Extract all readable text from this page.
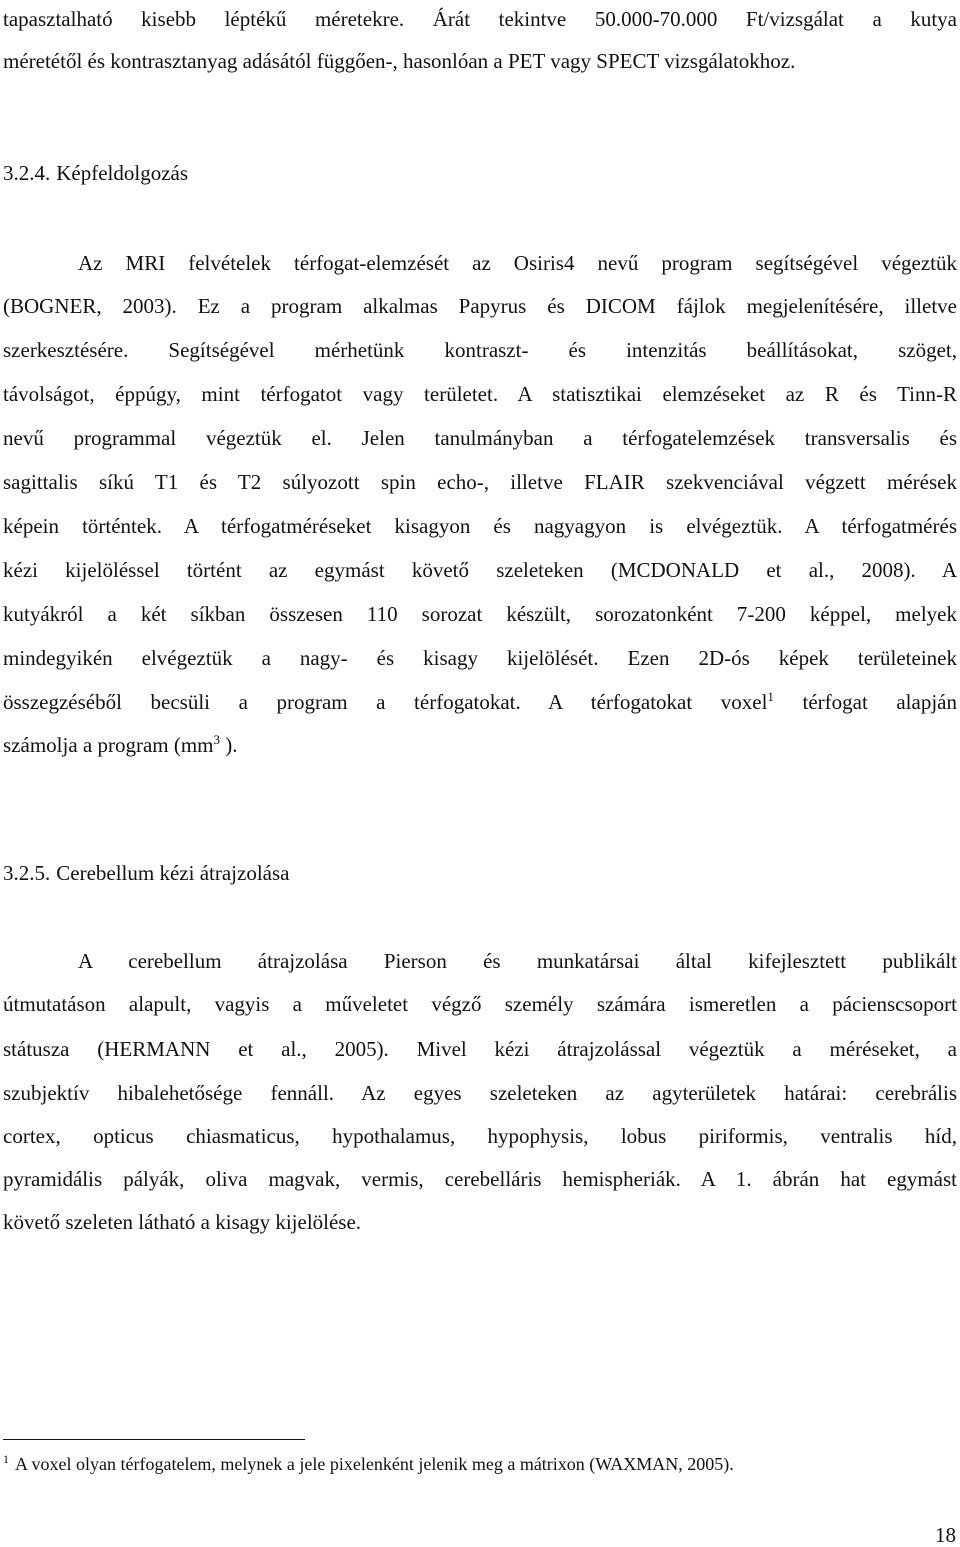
tapasztalható kisebb léptékű méretekre. Árát tekintve 50.000-70.000 Ft/vizsgálat a kutya
méretétől és kontrasztanyag adásától függően-, hasonlóan a PET vagy SPECT vizsgálatokhoz.
3.2.4. Képfeldolgozás
Az MRI felvételek térfogat-elemzését az Osiris4 nevű program segítségével végeztük
(BOGNER, 2003). Ez a program alkalmas Papyrus és DICOM fájlok megjelenítésére, illetve
szerkesztésére. Segítségével mérhetünk kontraszt- és intenzitás beállításokat, szöget,
távolságot, éppúgy, mint térfogatot vagy területet. A statisztikai elemzéseket az R és Tinn-R
nevű programmal végeztük el. Jelen tanulmányban a térfogatelemzések transversalis és
sagittalis síkú T1 és T2 súlyozott spin echo-, illetve FLAIR szekvenciával végzett mérések
képein történtek. A térfogatméréseket kisagyon és nagyagyon is elvégeztük. A térfogatmérés
kézi kijelöléssel történt az egymást követő szeleteken (MCDONALD et al., 2008). A
kutyákról a két síkban összesen 110 sorozat készült, sorozatonként 7-200 képpel, melyek
mindegyikén elvégeztük a nagy- és kisagy kijelölését. Ezen 2D-ós képek területeinek
összegzéséből becsüli a program a térfogatokat. A térfogatokat voxel$^1$ térfogat alapján
számolja a program ($mm^3$ ).
3.2.5. Cerebellum kézi átrajzolása
A cerebellum átrajzolása Pierson és munkatársai által kifejlesztett publikált
útmutatáson alapult, vagyis a műveletet végző személy számára ismeretlen a pácienscsoport
státusza (HERMANN et al., 2005). Mivel kézi átrajzolással végeztük a méréseket, a
szubjektív hibalehetősége fennáll. Az egyes szeleteken az agyterületek határai: cerebrális
cortex, opticus chiasmaticus, hypothalamus, hypophysis, lobus piriformis, ventralis híd,
pyramidális pályák, oliva magvak, vermis, cerebelláris hemispheriák. A 1. ábrán hat egymást
követő szeleten látható a kisagy kijelölése.
$^1$ A voxel olyan térfogatelem, melynek a jele pixelenként jelenik meg a mátrixon (WAXMAN, 2005).
18
